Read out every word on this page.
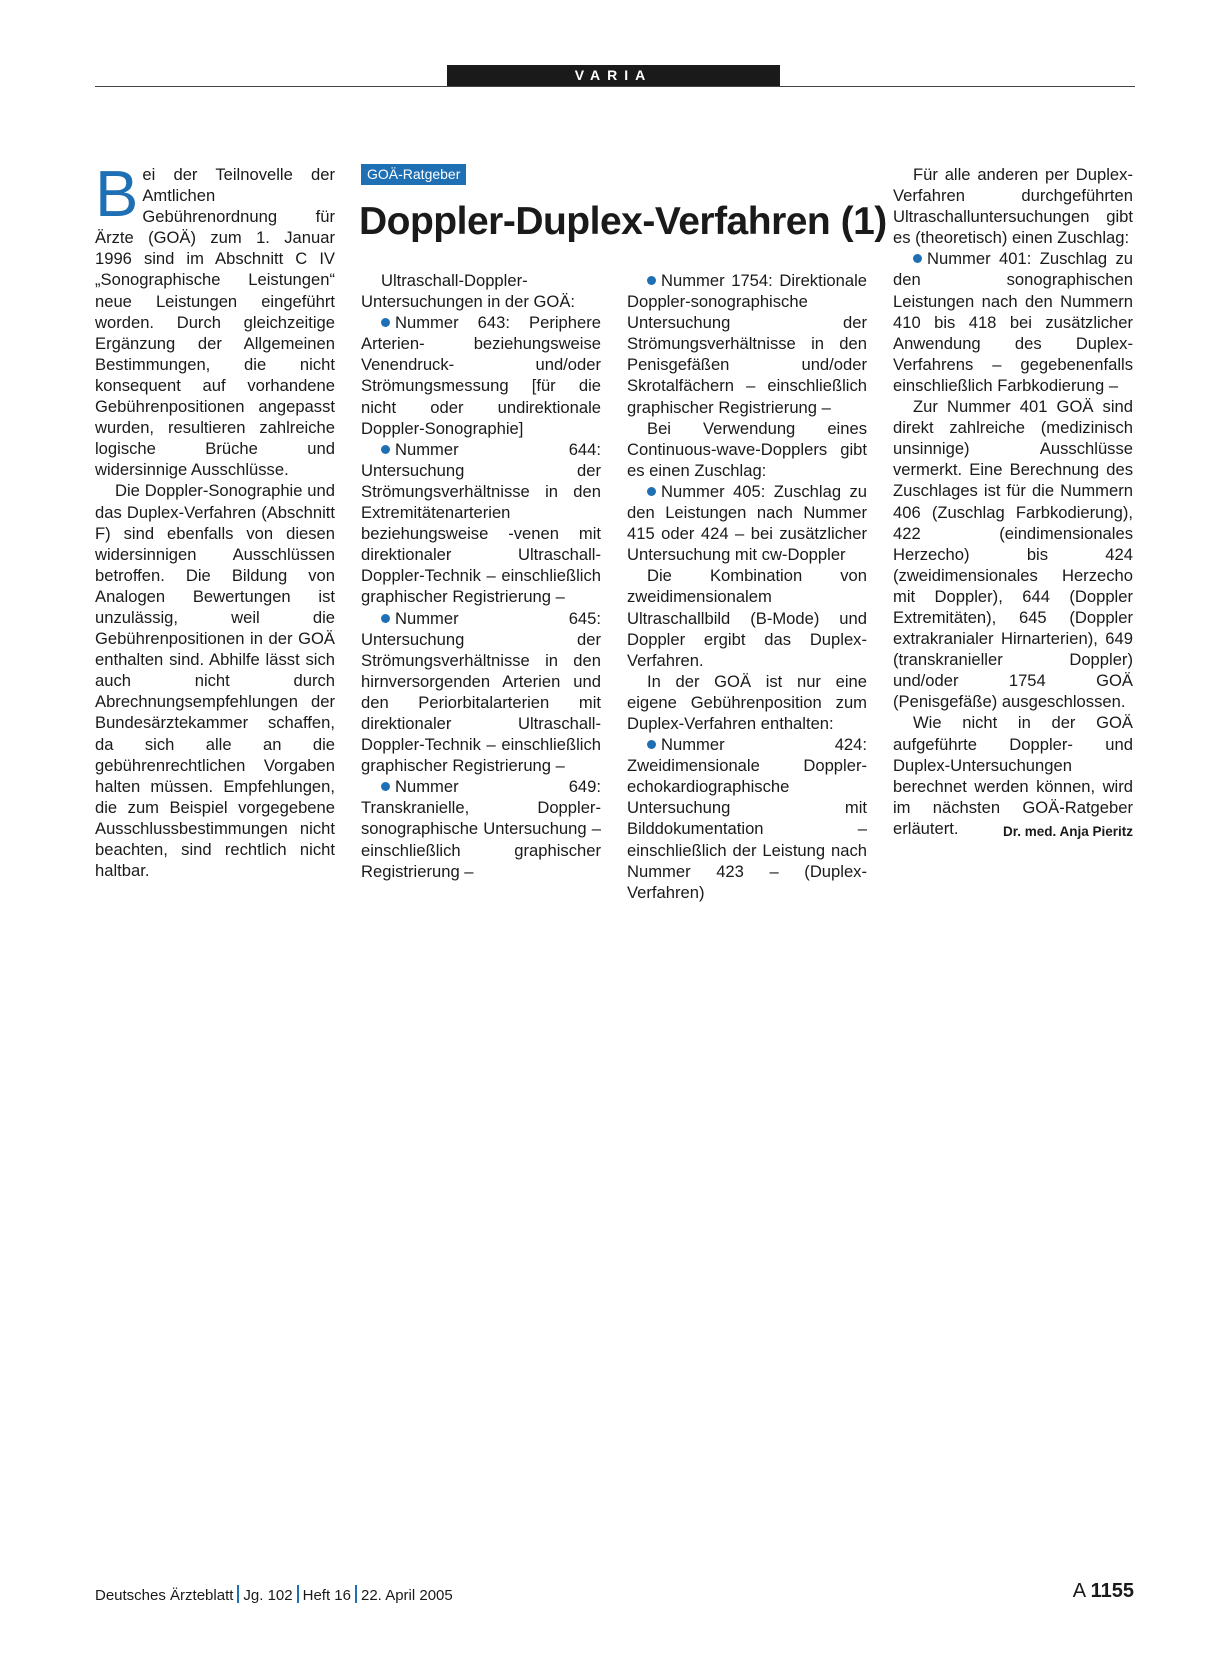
VARIA

Bei der Teilnovelle der Amtlichen Gebührenordnung für Ärzte (GOÄ) zum 1. Januar 1996 sind im Abschnitt C IV „Sonographische Leistungen“ neue Leistungen eingeführt worden. Durch gleichzeitige Ergänzung der Allgemeinen Bestimmungen, die nicht konsequent auf vorhandene Gebührenpositionen angepasst wurden, resultieren zahlreiche logische Brüche und widersinnige Ausschlüsse.

Die Doppler-Sonographie und das Duplex-Verfahren (Abschnitt F) sind ebenfalls von diesen widersinnigen Ausschlüssen betroffen. Die Bildung von Analogen Bewertungen ist unzulässig, weil die Gebührenpositionen in der GOÄ enthalten sind. Abhilfe lässt sich auch nicht durch Abrechnungsempfehlungen der Bundesärztekammer schaffen, da sich alle an die gebührenrechtlichen Vorgaben halten müssen. Empfehlungen, die zum Beispiel vorgegebene Ausschlussbestimmungen nicht beachten, sind rechtlich nicht haltbar.

GOÄ-Ratgeber
Doppler-Duplex-Verfahren (1)

Ultraschall-Doppler-Untersuchungen in der GOÄ:

Nummer 643: Periphere Arterien- beziehungsweise Venendruck- und/oder Strömungsmessung [für die nicht oder undirektionale Doppler-Sonographie]

Nummer 644: Untersuchung der Strömungsverhältnisse in den Extremitätenarterien beziehungsweise -venen mit direktionaler Ultraschall-Doppler-Technik – einschließlich graphischer Registrierung –

Nummer 645: Untersuchung der Strömungsverhältnisse in den hirnversorgenden Arterien und den Periorbitalarterien mit direktionaler Ultraschall-Doppler-Technik – einschließlich graphischer Registrierung –

Nummer 649: Transkranielle, Doppler-sonographische Untersuchung – einschließlich graphischer Registrierung –

Nummer 1754: Direktionale Doppler-sonographische Untersuchung der Strömungsverhältnisse in den Penisgefäßen und/oder Skrotalfächern – einschließlich graphischer Registrierung –

Bei Verwendung eines Continuous-wave-Dopplers gibt es einen Zuschlag:

Nummer 405: Zuschlag zu den Leistungen nach Nummer 415 oder 424 – bei zusätzlicher Untersuchung mit cw-Doppler

Die Kombination von zweidimensionalem Ultraschallbild (B-Mode) und Doppler ergibt das Duplex-Verfahren.

In der GOÄ ist nur eine eigene Gebührenposition zum Duplex-Verfahren enthalten:

Nummer 424: Zweidimensionale Doppler-echokardiographische Untersuchung mit Bilddokumentation – einschließlich der Leistung nach Nummer 423 – (Duplex-Verfahren)

Für alle anderen per Duplex-Verfahren durchgeführten Ultraschalluntersuchungen gibt es (theoretisch) einen Zuschlag:

Nummer 401: Zuschlag zu den sonographischen Leistungen nach den Nummern 410 bis 418 bei zusätzlicher Anwendung des Duplex-Verfahrens – gegebenenfalls einschließlich Farbkodierung –

Zur Nummer 401 GOÄ sind direkt zahlreiche (medizinisch unsinnige) Ausschlüsse vermerkt. Eine Berechnung des Zuschlages ist für die Nummern 406 (Zuschlag Farbkodierung), 422 (eindimensionales Herzecho) bis 424 (zweidimensionales Herzecho mit Doppler), 644 (Doppler Extremitäten), 645 (Doppler extrakranialer Hirnarterien), 649 (transkranieller Doppler) und/oder 1754 GOÄ (Penisgefäße) ausgeschlossen.

Wie nicht in der GOÄ aufgeführte Doppler- und Duplex-Untersuchungen berechnet werden können, wird im nächsten GOÄ-Ratgeber erläutert.	Dr. med. Anja Pieritz

Deutsches Ärzteblatt Jg. 102 Heft 16 22. April 2005	A 1155
